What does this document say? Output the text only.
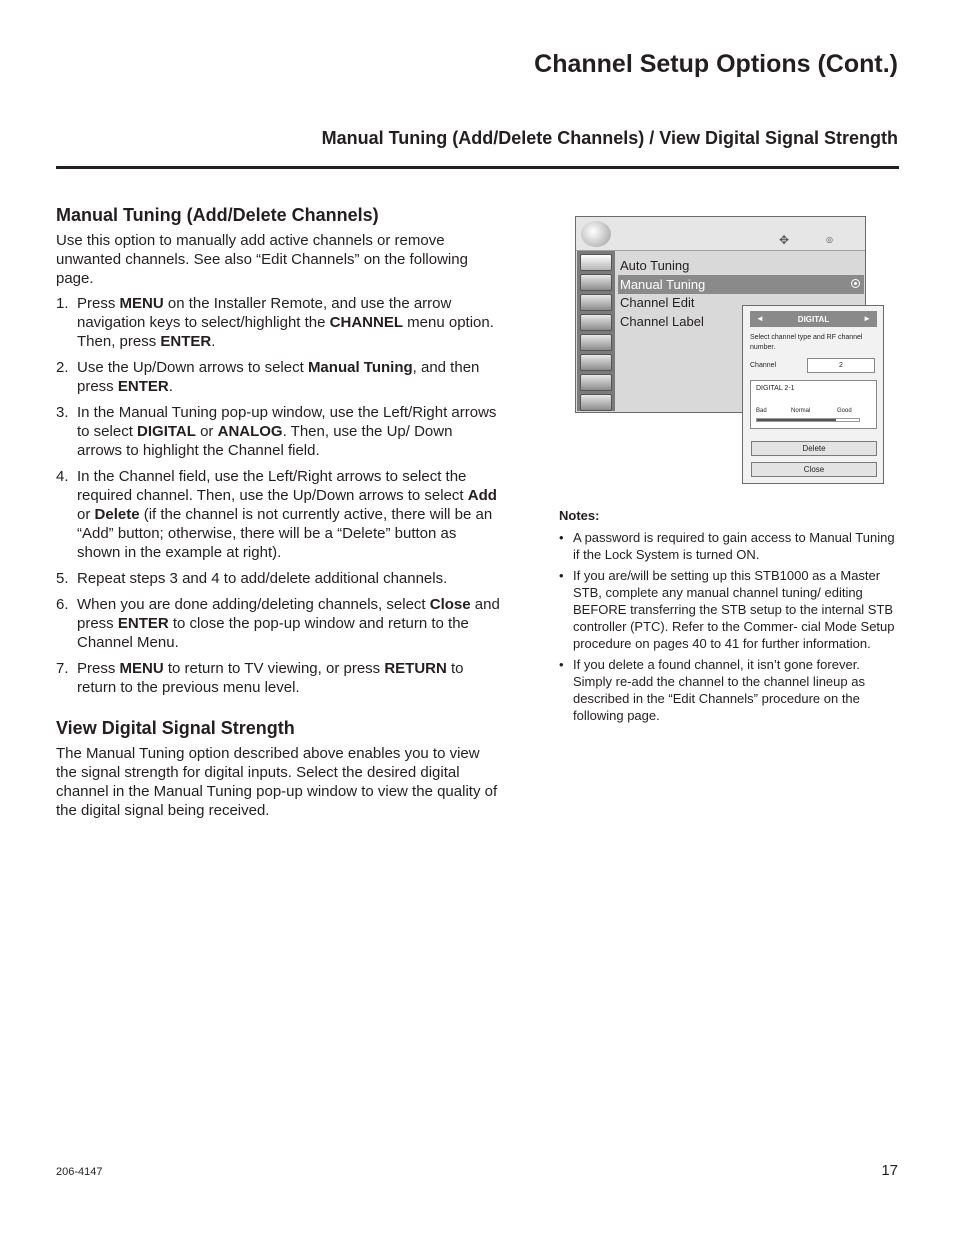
Channel Setup Options (Cont.)
Manual Tuning (Add/Delete Channels) / View Digital Signal Strength
Manual Tuning (Add/Delete Channels)

Use this option to manually add active channels or remove unwanted channels. See also “Edit Channels” on the following page.

1. Press MENU on the Installer Remote, and use the arrow navigation keys to select/highlight the CHANNEL menu option. Then, press ENTER.
2. Use the Up/Down arrows to select Manual Tuning, and then press ENTER.
3. In the Manual Tuning pop-up window, use the Left/Right arrows to select DIGITAL or ANALOG. Then, use the Up/ Down arrows to highlight the Channel field.
4. In the Channel field, use the Left/Right arrows to select the required channel. Then, use the Up/Down arrows to select Add or Delete (if the channel is not currently active, there will be an “Add” button; otherwise, there will be a “Delete” button as shown in the example at right).
5. Repeat steps 3 and 4 to add/delete additional channels.
6. When you are done adding/deleting channels, select Close and press ENTER to close the pop-up window and return to the Channel Menu.
7. Press MENU to return to TV viewing, or press RETURN to return to the previous menu level.
View Digital Signal Strength

The Manual Tuning option described above enables you to view the signal strength for digital inputs. Select the desired digital channel in the Manual Tuning pop-up window to view the quality of the digital signal being received.

✥	◎
Auto Tuning
Manual Tuning
Channel Edit
Channel Label	◄	DIGITAL	►
Select channel type and RF channel number.
Channel	2
DIGITAL 2-1
Bad	Normal	Good
Delete
Close
Notes:
• A password is required to gain access to Manual Tuning if the Lock System is turned ON.
• If you are/will be setting up this STB1000 as a Master STB, complete any manual channel tuning/ editing BEFORE transferring the STB setup to the internal STB controller (PTC). Refer to the Commer- cial Mode Setup procedure on pages 40 to 41 for further information.
• If you delete a found channel, it isn’t gone forever. Simply re-add the channel to the channel lineup as described in the “Edit Channels” procedure on the following page.
206-4147	17
